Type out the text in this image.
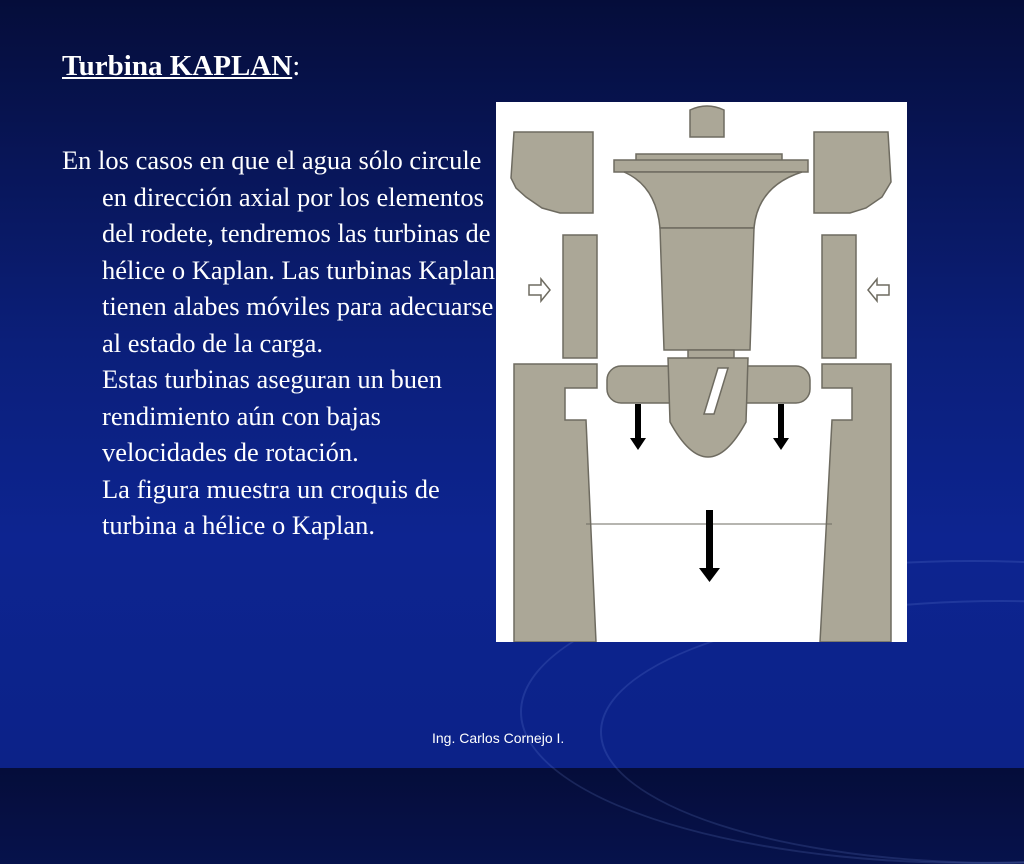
Turbina KAPLAN:

En los casos en que el agua sólo circule en dirección axial por los elementos del rodete, tendremos las turbinas de hélice o Kaplan. Las turbinas Kaplan tienen alabes móviles para adecuarse al estado de la carga.

Estas turbinas aseguran un buen rendimiento aún con bajas velocidades de rotación.

La figura muestra un croquis de turbina a hélice o Kaplan.

Ing. Carlos Cornejo I.
